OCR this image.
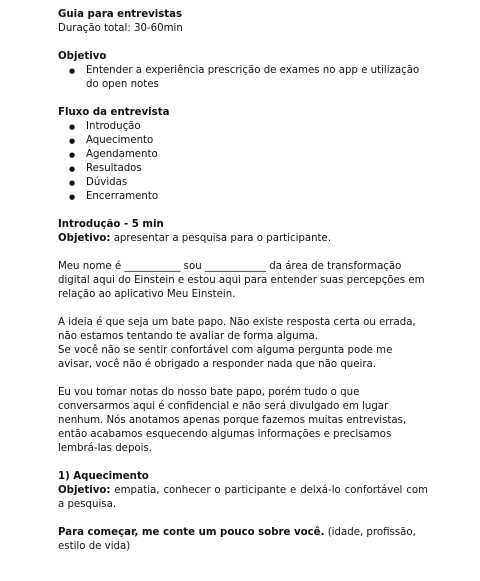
Guia para entrevistas

Duração total: 30-60min

Objetivo

● Entender a experiência prescrição de exames no app e utilização do open notes

Fluxo da entrevista

● Introdução
● Aquecimento
● Agendamento
● Resultados
● Dúvidas
● Encerramento

Introdução - 5 min

Objetivo: apresentar a pesquisa para o participante.

Meu nome é ___________ sou ____________ da área de transformação digital aqui do Einstein e estou aqui para entender suas percepções em relação ao aplicativo Meu Einstein.

A ideia é que seja um bate papo. Não existe resposta certa ou errada, não estamos tentando te avaliar de forma alguma.

Se você não se sentir confortável com alguma pergunta pode me avisar, você não é obrigado a responder nada que não queira.

Eu vou tomar notas do nosso bate papo, porém tudo o que conversarmos aqui é confidencial e não será divulgado em lugar nenhum. Nós anotamos apenas porque fazemos muitas entrevistas, então acabamos esquecendo algumas informações e precisamos lembrá-las depois.

1) Aquecimento

Objetivo: empatia, conhecer o participante e deixá-lo confortável com a pesquisa.

Para começar, me conte um pouco sobre você. (idade, profissão, estilo de vida)
